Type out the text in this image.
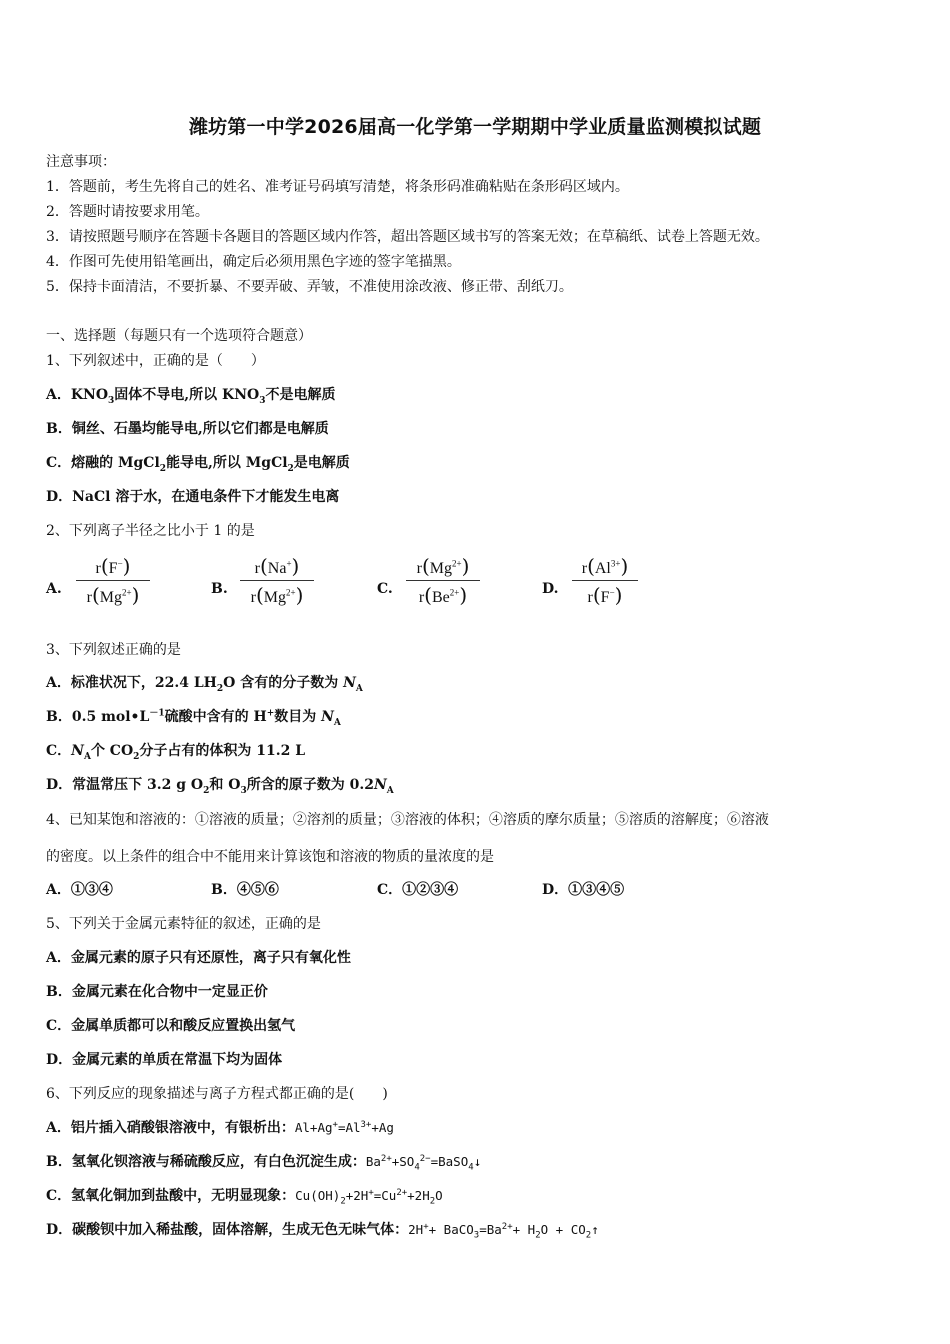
潍坊第一中学2026届高一化学第一学期期中学业质量监测模拟试题
注意事项：
1．答题前，考生先将自己的姓名、准考证号码填写清楚，将条形码准确粘贴在条形码区域内。
2．答题时请按要求用笔。
3．请按照题号顺序在答题卡各题目的答题区域内作答，超出答题区域书写的答案无效；在草稿纸、试卷上答题无效。
4．作图可先使用铅笔画出，确定后必须用黑色字迹的签字笔描黑。
5．保持卡面清洁，不要折暴、不要弄破、弄皱，不准使用涂改液、修正带、刮纸刀。
一、选择题（每题只有一个选项符合题意）
1、下列叙述中，正确的是（　　）
A．$KNO_3$固体不导电,所以 $KNO_3$不是电解质
B．铜丝、石墨均能导电,所以它们都是电解质
C．熔融的 MgCl$_2$能导电,所以 MgCl$_2$是电解质
D．NaCl 溶于水，在通电条件下才能发生电离
2、下列离子半径之比小于 1 的是
A.
r(F−)
$r(Mg^{2+})$	B.
r(Na+)
$r(Mg^{2+})$	C.
$r(Mg^{2+})$
$r(Be^{2+})$	D.
$r(Al^{3+})$
r(F−)
3、下列叙述正确的是
A．标准状况下，22.4 $LH_2O$ 含有的分子数为 $N_A$
B．0.5 $mol•L^{-1}$硫酸中含有的 H+数目为 $N_A$
C．$N_A$个 $CO_2$分子占有的体积为 11.2 L
D．常温常压下 3.2 g $O_2$和 $O_3$所含的原子数为 $0.2N_A$
4、已知某饱和溶液的：①溶液的质量；②溶剂的质量；③溶液的体积；④溶质的摩尔质量；⑤溶质的溶解度；⑥溶液
的密度。以上条件的组合中不能用来计算该饱和溶液的物质的量浓度的是
A．①③④	B．④⑤⑥	C．①②③④	D．①③④⑤
5、下列关于金属元素特征的叙述，正确的是
A．金属元素的原子只有还原性，离子只有氧化性
B．金属元素在化合物中一定显正价
C．金属单质都可以和酸反应置换出氢气
D．金属元素的单质在常温下均为固体
6、下列反应的现象描述与离子方程式都正确的是(　　)
A．铝片插入硝酸银溶液中，有银析出：$Al+Ag^+=Al^{3+}+Ag$
B．氢氧化钡溶液与稀硫酸反应，有白色沉淀生成：$Ba^{2+}+SO_4^{2-}=BaSO_4↓$
C．氢氧化铜加到盐酸中，无明显现象：$Cu(OH)_2+2H^+=Cu^{2+}+2H_2O$
D．碳酸钡中加入稀盐酸，固体溶解，生成无色无味气体：$2H^++ BaCO_3=Ba^{2+}+ H_2O$ + $CO_2↑$
